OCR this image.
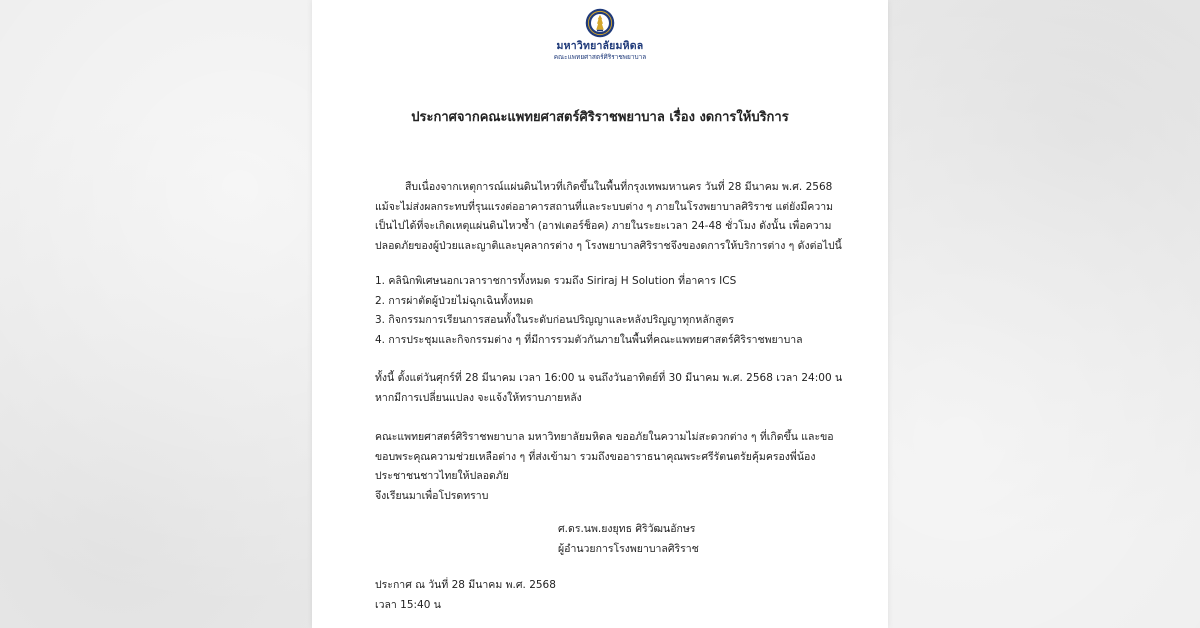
มหาวิทยาลัยมหิดล
คณะแพทยศาสตร์ศิริราชพยาบาล
ประกาศจากคณะแพทยศาสตร์ศิริราชพยาบาล เรื่อง งดการให้บริการ
สืบเนื่องจากเหตุการณ์แผ่นดินไหวที่เกิดขึ้นในพื้นที่กรุงเทพมหานคร วันที่ 28 มีนาคม พ.ศ. 2568
แม้จะไม่ส่งผลกระทบที่รุนแรงต่ออาคารสถานที่และระบบต่าง ๆ ภายในโรงพยาบาลศิริราช แต่ยังมีความ
เป็นไปได้ที่จะเกิดเหตุแผ่นดินไหวซ้ำ (อาฟเตอร์ช็อค) ภายในระยะเวลา 24-48 ชั่วโมง ดังนั้น เพื่อความ
ปลอดภัยของผู้ป่วยและญาติและบุคลากรต่าง ๆ โรงพยาบาลศิริราชจึงของดการให้บริการต่าง ๆ ดังต่อไปนี้
1. คลินิกพิเศษนอกเวลาราชการทั้งหมด รวมถึง Siriraj H Solution ที่อาคาร ICS
2. การผ่าตัดผู้ป่วยไม่ฉุกเฉินทั้งหมด
3. กิจกรรมการเรียนการสอนทั้งในระดับก่อนปริญญาและหลังปริญญาทุกหลักสูตร
4. การประชุมและกิจกรรมต่าง ๆ ที่มีการรวมตัวกันภายในพื้นที่คณะแพทยศาสตร์ศิริราชพยาบาล
ทั้งนี้ ตั้งแต่วันศุกร์ที่ 28 มีนาคม เวลา 16:00 น จนถึงวันอาทิตย์ที่ 30 มีนาคม พ.ศ. 2568 เวลา 24:00 น
หากมีการเปลี่ยนแปลง จะแจ้งให้ทราบภายหลัง
คณะแพทยศาสตร์ศิริราชพยาบาล มหาวิทยาลัยมหิดล ขออภัยในความไม่สะดวกต่าง ๆ ที่เกิดขึ้น และขอ
ขอบพระคุณความช่วยเหลือต่าง ๆ ที่ส่งเข้ามา รวมถึงขออาราธนาคุณพระศรีรัตนตรัยคุ้มครองพี่น้อง
ประชาชนชาวไทยให้ปลอดภัย
จึงเรียนมาเพื่อโปรดทราบ
ศ.ดร.นพ.ยงยุทธ ศิริวัฒนอักษร
ผู้อำนวยการโรงพยาบาลศิริราช
ประกาศ ณ วันที่ 28 มีนาคม พ.ศ. 2568
เวลา 15:40 น
